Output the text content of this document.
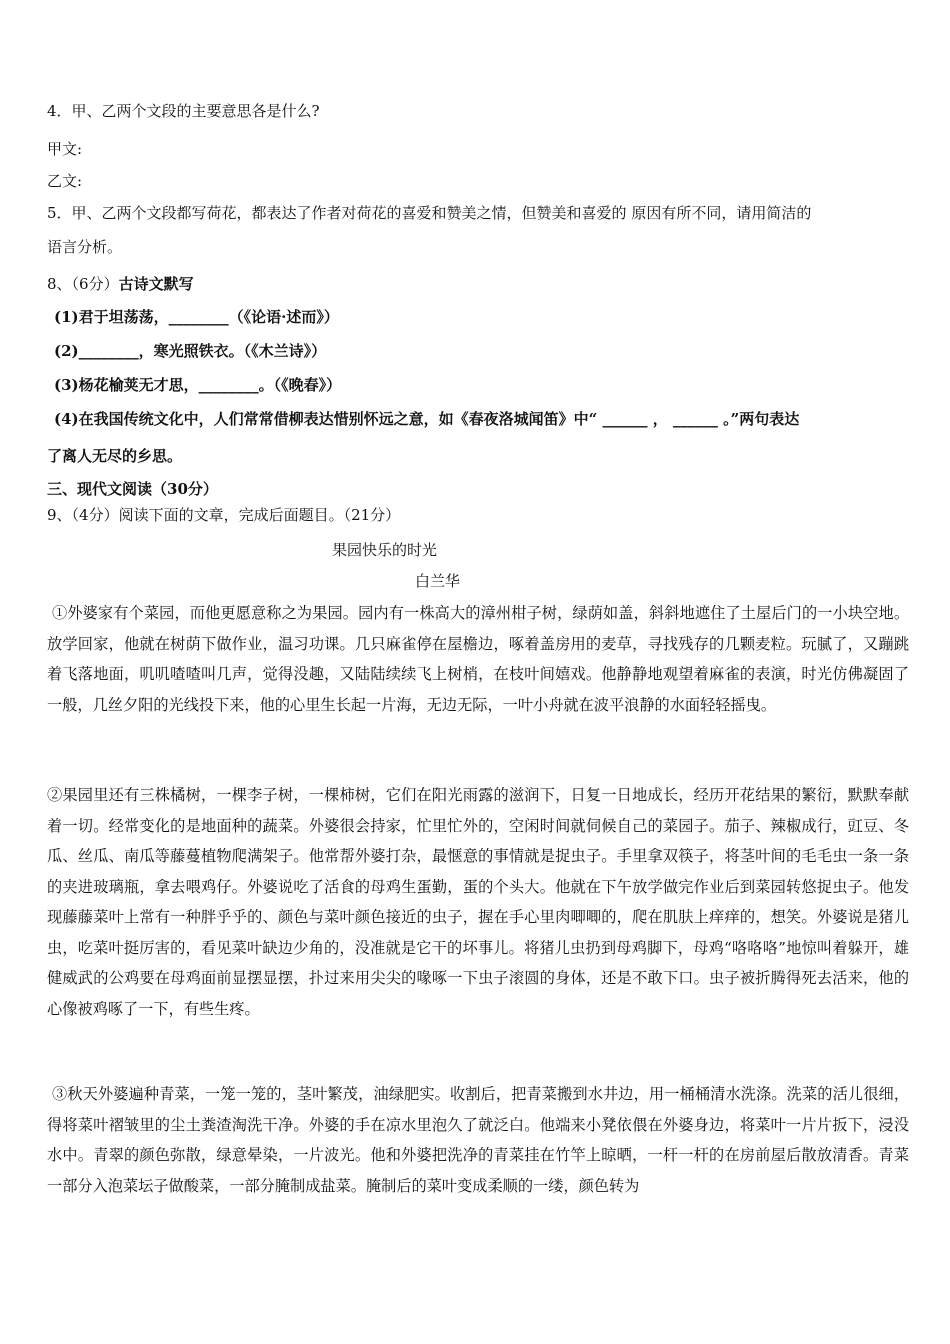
4．甲、乙两个文段的主要意思各是什么?
甲文:
乙文:
5．甲、乙两个文段都写荷花，都表达了作者对荷花的喜爱和赞美之情，但赞美和喜爱的 原因有所不同，请用简洁的
语言分析。
8、（6分）古诗文默写
(1)君于坦荡荡，________（《论语·述而》）
(2)________，寒光照铁衣。（《木兰诗》）
(3)杨花榆荚无才思，________。（《晚春》）
(4)在我国传统文化中，人们常常借柳表达惜别怀远之意，如《春夜洛城闻笛》中“ ______ ， ______ 。”两句表达
了离人无尽的乡思。
三、现代文阅读（30分）
9、（4分）阅读下面的文章，完成后面题目。（21分）
果园快乐的时光
白兰华
①外婆家有个菜园，而他更愿意称之为果园。园内有一株高大的漳州柑子树，绿荫如盖，斜斜地遮住了土屋后门的一小块空地。放学回家，他就在树荫下做作业，温习功课。几只麻雀停在屋檐边，啄着盖房用的麦草，寻找残存的几颗麦粒。玩腻了，又蹦跳着飞落地面，叽叽喳喳叫几声，觉得没趣，又陆陆续续飞上树梢，在枝叶间嬉戏。他静静地观望着麻雀的表演，时光仿佛凝固了一般，几丝夕阳的光线投下来，他的心里生长起一片海，无边无际，一叶小舟就在波平浪静的水面轻轻摇曳。
②果园里还有三株橘树，一棵李子树，一棵柿树，它们在阳光雨露的滋润下，日复一日地成长，经历开花结果的繁衍，默默奉献着一切。经常变化的是地面种的蔬菜。外婆很会持家，忙里忙外的，空闲时间就伺候自己的菜园子。茄子、辣椒成行，豇豆、冬瓜、丝瓜、南瓜等藤蔓植物爬满架子。他常帮外婆打杂，最惬意的事情就是捉虫子。手里拿双筷子，将茎叶间的毛毛虫一条一条的夹进玻璃瓶，拿去喂鸡仔。外婆说吃了活食的母鸡生蛋勤，蛋的个头大。他就在下午放学做完作业后到菜园转悠捉虫子。他发现藤藤菜叶上常有一种胖乎乎的、颜色与菜叶颜色接近的虫子，握在手心里肉唧唧的，爬在肌肤上痒痒的，想笑。外婆说是猪儿虫，吃菜叶挺厉害的，看见菜叶缺边少角的，没准就是它干的坏事儿。将猪儿虫扔到母鸡脚下，母鸡“咯咯咯”地惊叫着躲开，雄健威武的公鸡要在母鸡面前显摆显摆，扑过来用尖尖的喙啄一下虫子滚圆的身体，还是不敢下口。虫子被折腾得死去活来，他的心像被鸡啄了一下，有些生疼。
③秋天外婆遍种青菜，一笼一笼的，茎叶繁茂，油绿肥实。收割后，把青菜搬到水井边，用一桶桶清水洗涤。洗菜的活儿很细，得将菜叶褶皱里的尘土粪渣淘洗干净。外婆的手在凉水里泡久了就泛白。他端来小凳依偎在外婆身边，将菜叶一片片扳下，浸没水中。青翠的颜色弥散，绿意晕染，一片波光。他和外婆把洗净的青菜挂在竹竿上晾晒，一杆一杆的在房前屋后散放清香。青菜一部分入泡菜坛子做酸菜，一部分腌制成盐菜。腌制后的菜叶变成柔顺的一缕，颜色转为
